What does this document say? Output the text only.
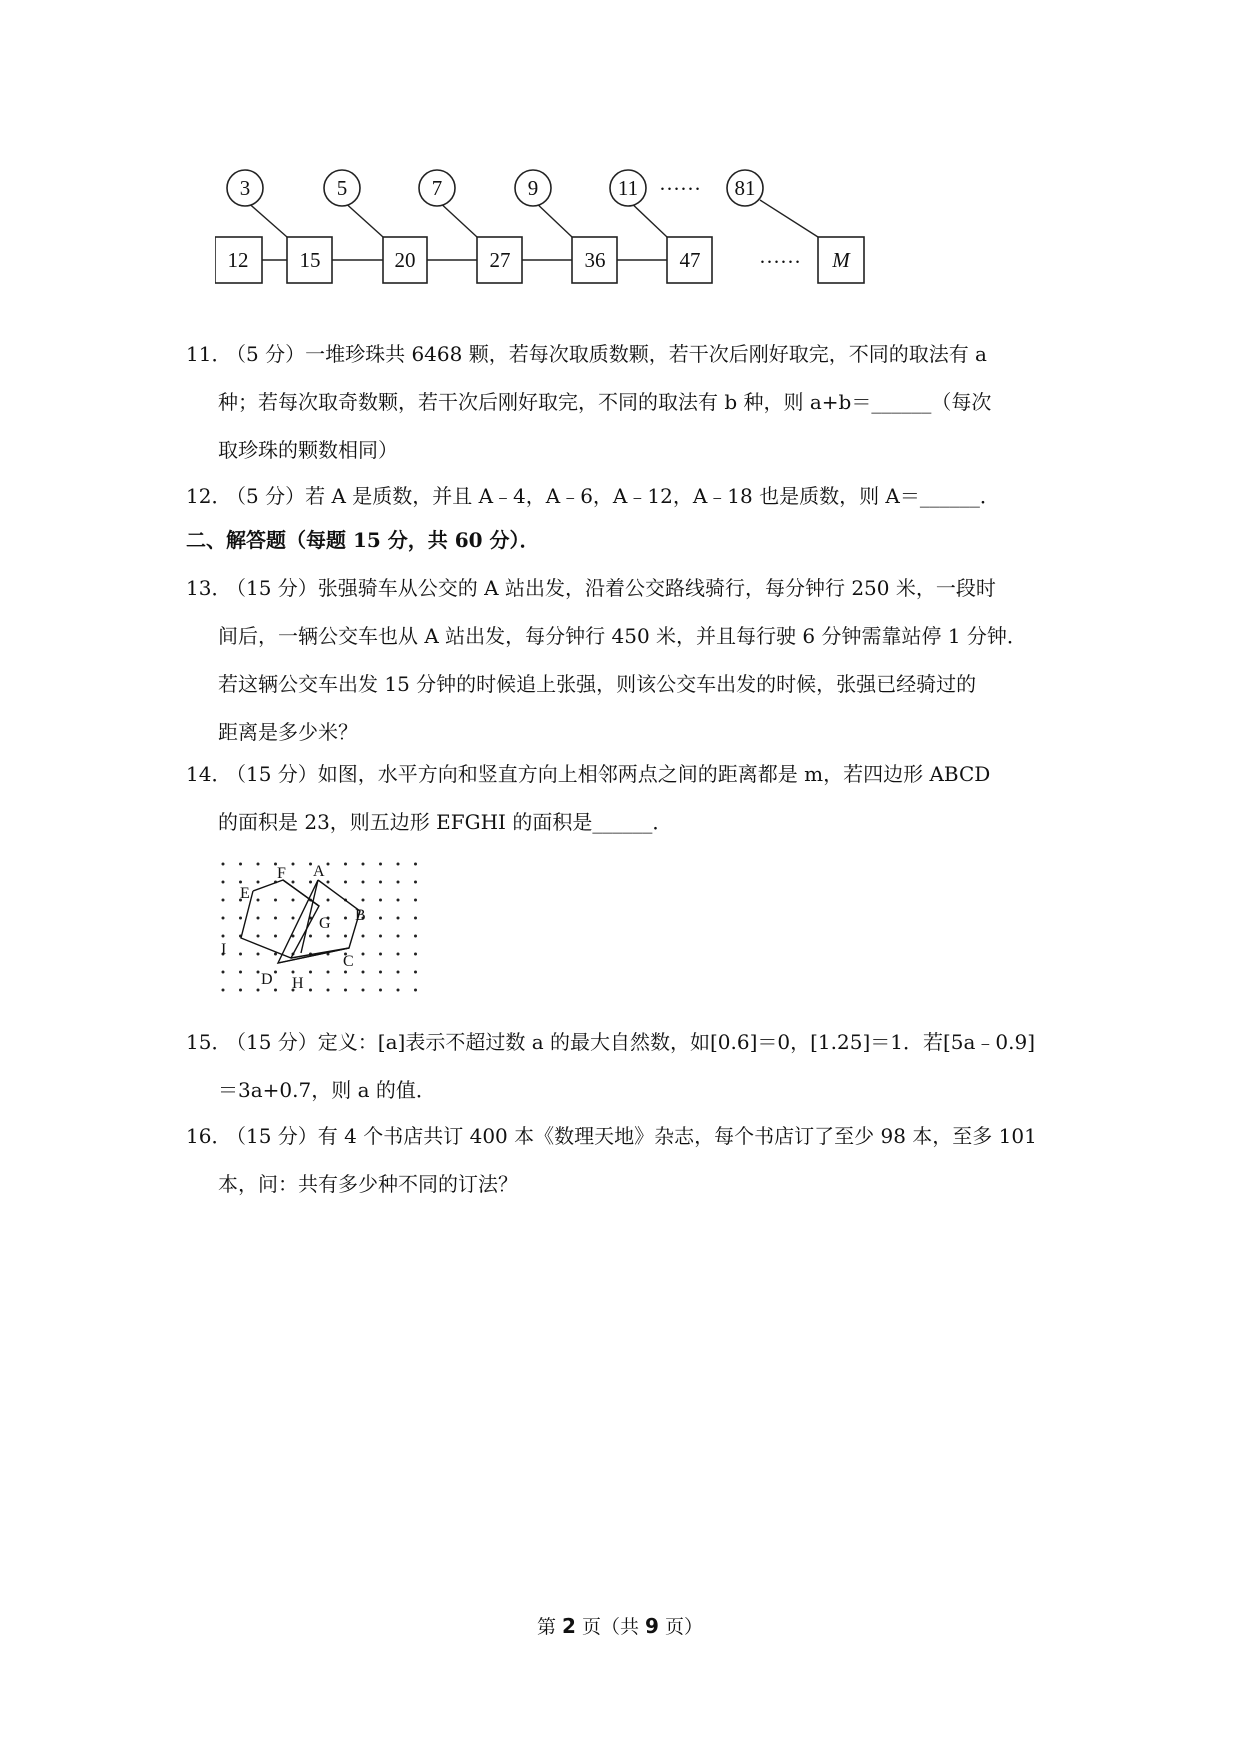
3	5	7	9	11	81
……
12 15	20	27	36	47	M
……
11．（5 分）一堆珍珠共 6468 颗，若每次取质数颗，若干次后刚好取完，不同的取法有 a
种；若每次取奇数颗，若干次后刚好取完，不同的取法有 b 种，则 a+b＝______（每次
取珍珠的颗数相同）
12．（5 分）若 A 是质数，并且 A﹣4，A﹣6，A﹣12，A﹣18 也是质数，则 A＝______．
二、解答题（每题 15 分，共 60 分）．
13．（15 分）张强骑车从公交的 A 站出发，沿着公交路线骑行，每分钟行 250 米，一段时
间后，一辆公交车也从 A 站出发，每分钟行 450 米，并且每行驶 6 分钟需靠站停 1 分钟．
若这辆公交车出发 15 分钟的时候追上张强，则该公交车出发的时候，张强已经骑过的
距离是多少米？
14．（15 分）如图，水平方向和竖直方向上相邻两点之间的距离都是 m，若四边形 ABCD
的面积是 23，则五边形 EFGHI 的面积是______．
F A
E
G B
I
C
D H
15．（15 分）定义：[a]表示不超过数 a 的最大自然数，如[0.6]＝0，[1.25]＝1．若[5a﹣0.9]
＝3a+0.7，则 a 的值．
16．（15 分）有 4 个书店共订 400 本《数理天地》杂志，每个书店订了至少 98 本，至多 101
本，问：共有多少种不同的订法？
第 2 页（共 9 页）
